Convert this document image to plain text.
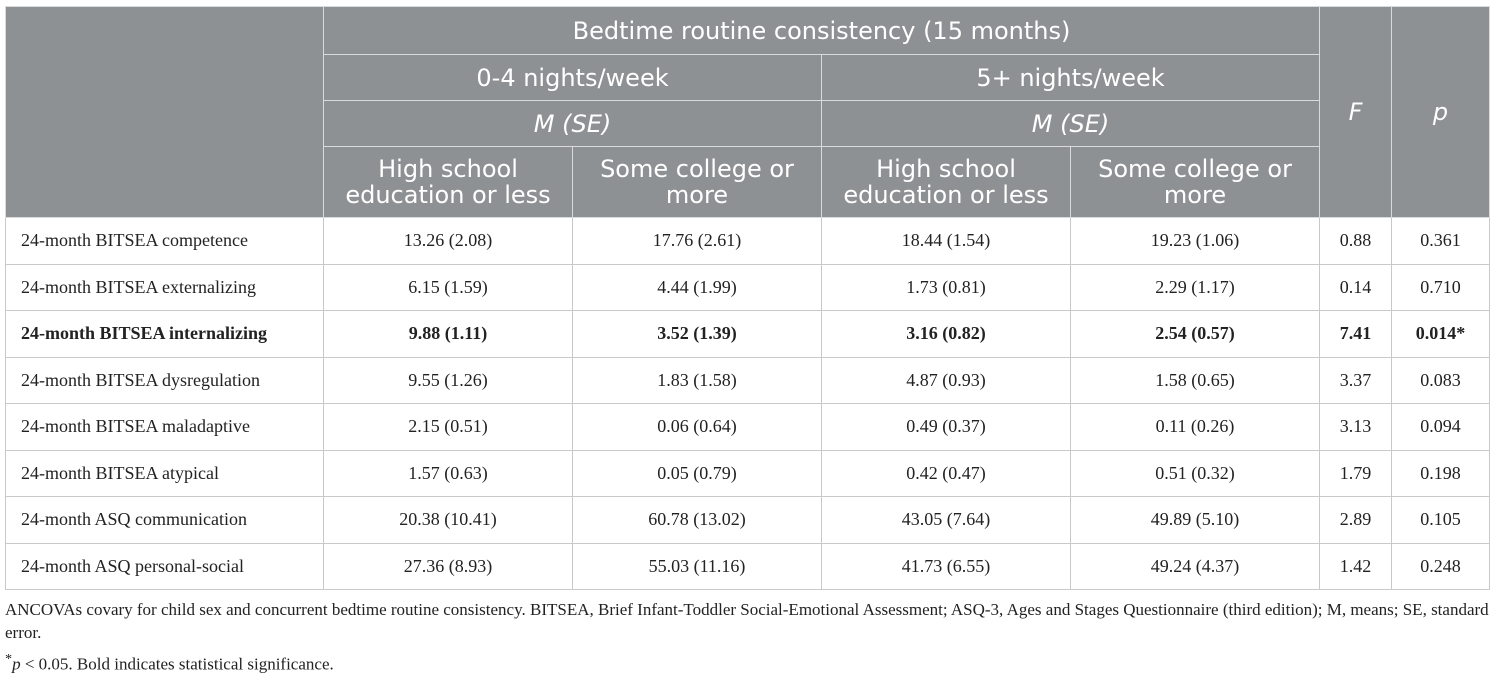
	Bedtime routine consistency (15 months)				F	p
	0-4 nights/week		5+ nights/week			
	M (SE)		M (SE)			
	High school education or less	Some college or more	High school education or less	Some college or more		
24-month BITSEA competence	13.26 (2.08)	17.76 (2.61)	18.44 (1.54)	19.23 (1.06)	0.88	0.361
24-month BITSEA externalizing	6.15 (1.59)	4.44 (1.99)	1.73 (0.81)	2.29 (1.17)	0.14	0.710
24-month BITSEA internalizing	9.88 (1.11)	3.52 (1.39)	3.16 (0.82)	2.54 (0.57)	7.41	0.014*
24-month BITSEA dysregulation	9.55 (1.26)	1.83 (1.58)	4.87 (0.93)	1.58 (0.65)	3.37	0.083
24-month BITSEA maladaptive	2.15 (0.51)	0.06 (0.64)	0.49 (0.37)	0.11 (0.26)	3.13	0.094
24-month BITSEA atypical	1.57 (0.63)	0.05 (0.79)	0.42 (0.47)	0.51 (0.32)	1.79	0.198
24-month ASQ communication	20.38 (10.41)	60.78 (13.02)	43.05 (7.64)	49.89 (5.10)	2.89	0.105
24-month ASQ personal-social	27.36 (8.93)	55.03 (11.16)	41.73 (6.55)	49.24 (4.37)	1.42	0.248

ANCOVAs covary for child sex and concurrent bedtime routine consistency. BITSEA, Brief Infant-Toddler Social-Emotional Assessment; ASQ-3, Ages and Stages Questionnaire (third edition); M, means; SE, standard error.

*p < 0.05. Bold indicates statistical significance.
